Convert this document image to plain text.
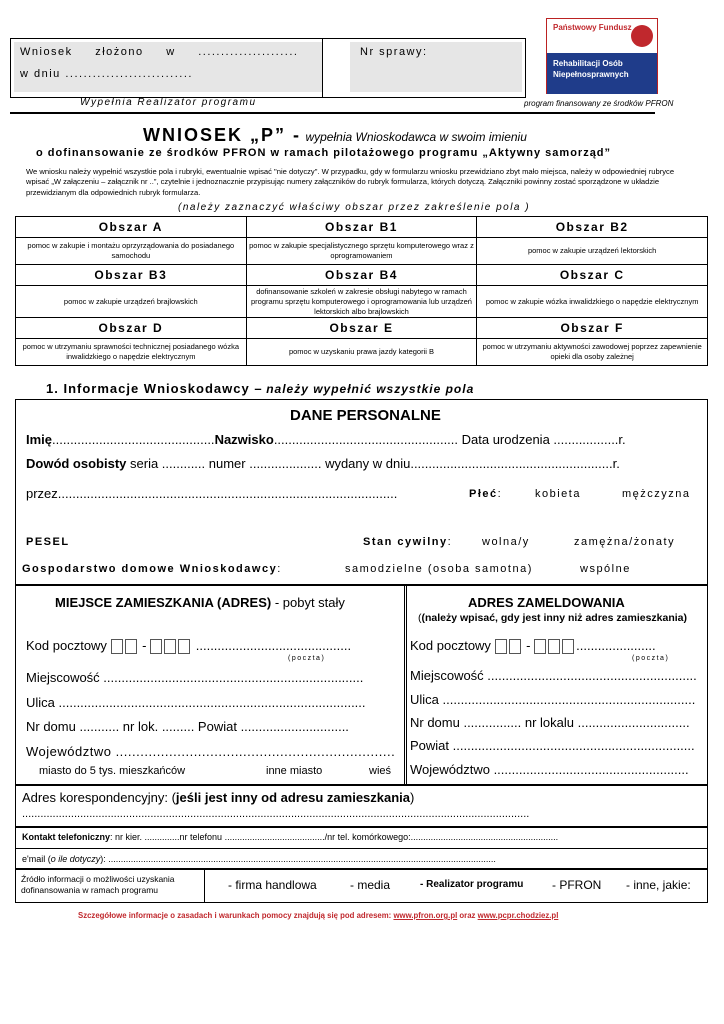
Wniosek złożono w ......................
w dniu ............................
Nr sprawy:
Wypełnia Realizator programu	program finansowany ze środków PFRON
Państwowy Fundusz
Rehabilitacji Osób
Niepełnosprawnych
WNIOSEK „P” - wypełnia Wnioskodawca w swoim imieniu
o dofinansowanie ze środków PFRON w ramach pilotażowego programu „Aktywny samorząd”
We wniosku należy wypełnić wszystkie pola i rubryki, ewentualnie wpisać "nie dotyczy". W przypadku, gdy w formularzu wniosku przewidziano zbyt mało miejsca, należy w odpowiedniej rubryce wpisać „W załączeniu – załącznik nr ..”, czytelnie i jednoznacznie przypisując numery załączników do rubryk formularza, których dotyczą. Załączniki powinny zostać sporządzone w układzie przewidzianym dla odpowiednich rubryk formularza.
(należy zaznaczyć właściwy obszar przez zakreślenie pola )
Obszar A	Obszar B1	Obszar B2
pomoc w zakupie i montażu oprzyrządowania do posiadanego samochodu	pomoc w zakupie specjalistycznego sprzętu komputerowego wraz z oprogramowaniem	pomoc w zakupie urządzeń lektorskich
Obszar B3	Obszar B4	Obszar C
pomoc w zakupie urządzeń brajlowskich	dofinansowanie szkoleń w zakresie obsługi nabytego w ramach programu sprzętu komputerowego i oprogramowania lub urządzeń lektorskich albo brajlowskich	pomoc w zakupie wózka inwalidzkiego o napędzie elektrycznym
Obszar D	Obszar E	Obszar F
pomoc w utrzymaniu sprawności technicznej posiadanego wózka inwalidzkiego o napędzie elektrycznym	pomoc w uzyskaniu prawa jazdy kategorii B	pomoc w utrzymaniu aktywności zawodowej poprzez zapewnienie opieki dla osoby zależnej
1. Informacje Wnioskodawcy – należy wypełnić wszystkie pola
DANE PERSONALNE
Imię.............................................Nazwisko................................................... Data urodzenia ..................r.
Dowód osobisty seria ............ numer .................... wydany w dniu........................................................r.
przez..............................................................................................	Płeć:	kobieta	mężczyzna
PESEL	Stan cywilny:	wolna/y	zamężna/żonaty
Gospodarstwo domowe Wnioskodawcy:	samodzielne (osoba samotna)	wspólne
MIEJSCE ZAMIESZKANIA (ADRES) - pobyt stały
Kod pocztowy  -	...........................................
(poczta)
Miejscowość ........................................................................
Ulica .....................................................................................
Nr domu ........... nr lok. ......... Powiat ..............................
Województwo ....................................................................
miasto do 5 tys. mieszkańców	inne miasto	wieś
ADRES ZAMELDOWANIA
((należy wpisać, gdy jest inny niż adres zamieszkania)
Kod pocztowy  -	......................
(poczta)
Miejscowość ..........................................................
Ulica ......................................................................
Nr domu ................ nr lokalu ...............................
Powiat ...................................................................
Województwo ......................................................
Adres korespondencyjny: (jeśli jest inny od adresu zamieszkania)
......................................................................................................................................................................
Kontakt telefoniczny: nr kier. ..............nr telefonu ......................................../nr tel. komórkowego:...........................................................
e'mail (o ile dotyczy): ...........................................................................................................................................................
Źródło informacji o możliwości uzyskania dofinansowania w ramach programu	- firma handlowa	- media	- Realizator programu - PFRON - inne, jakie:
Szczegółowe informacje o zasadach i warunkach pomocy znajdują się pod adresem: www.pfron.org.pl oraz www.pcpr.chodziez.pl
